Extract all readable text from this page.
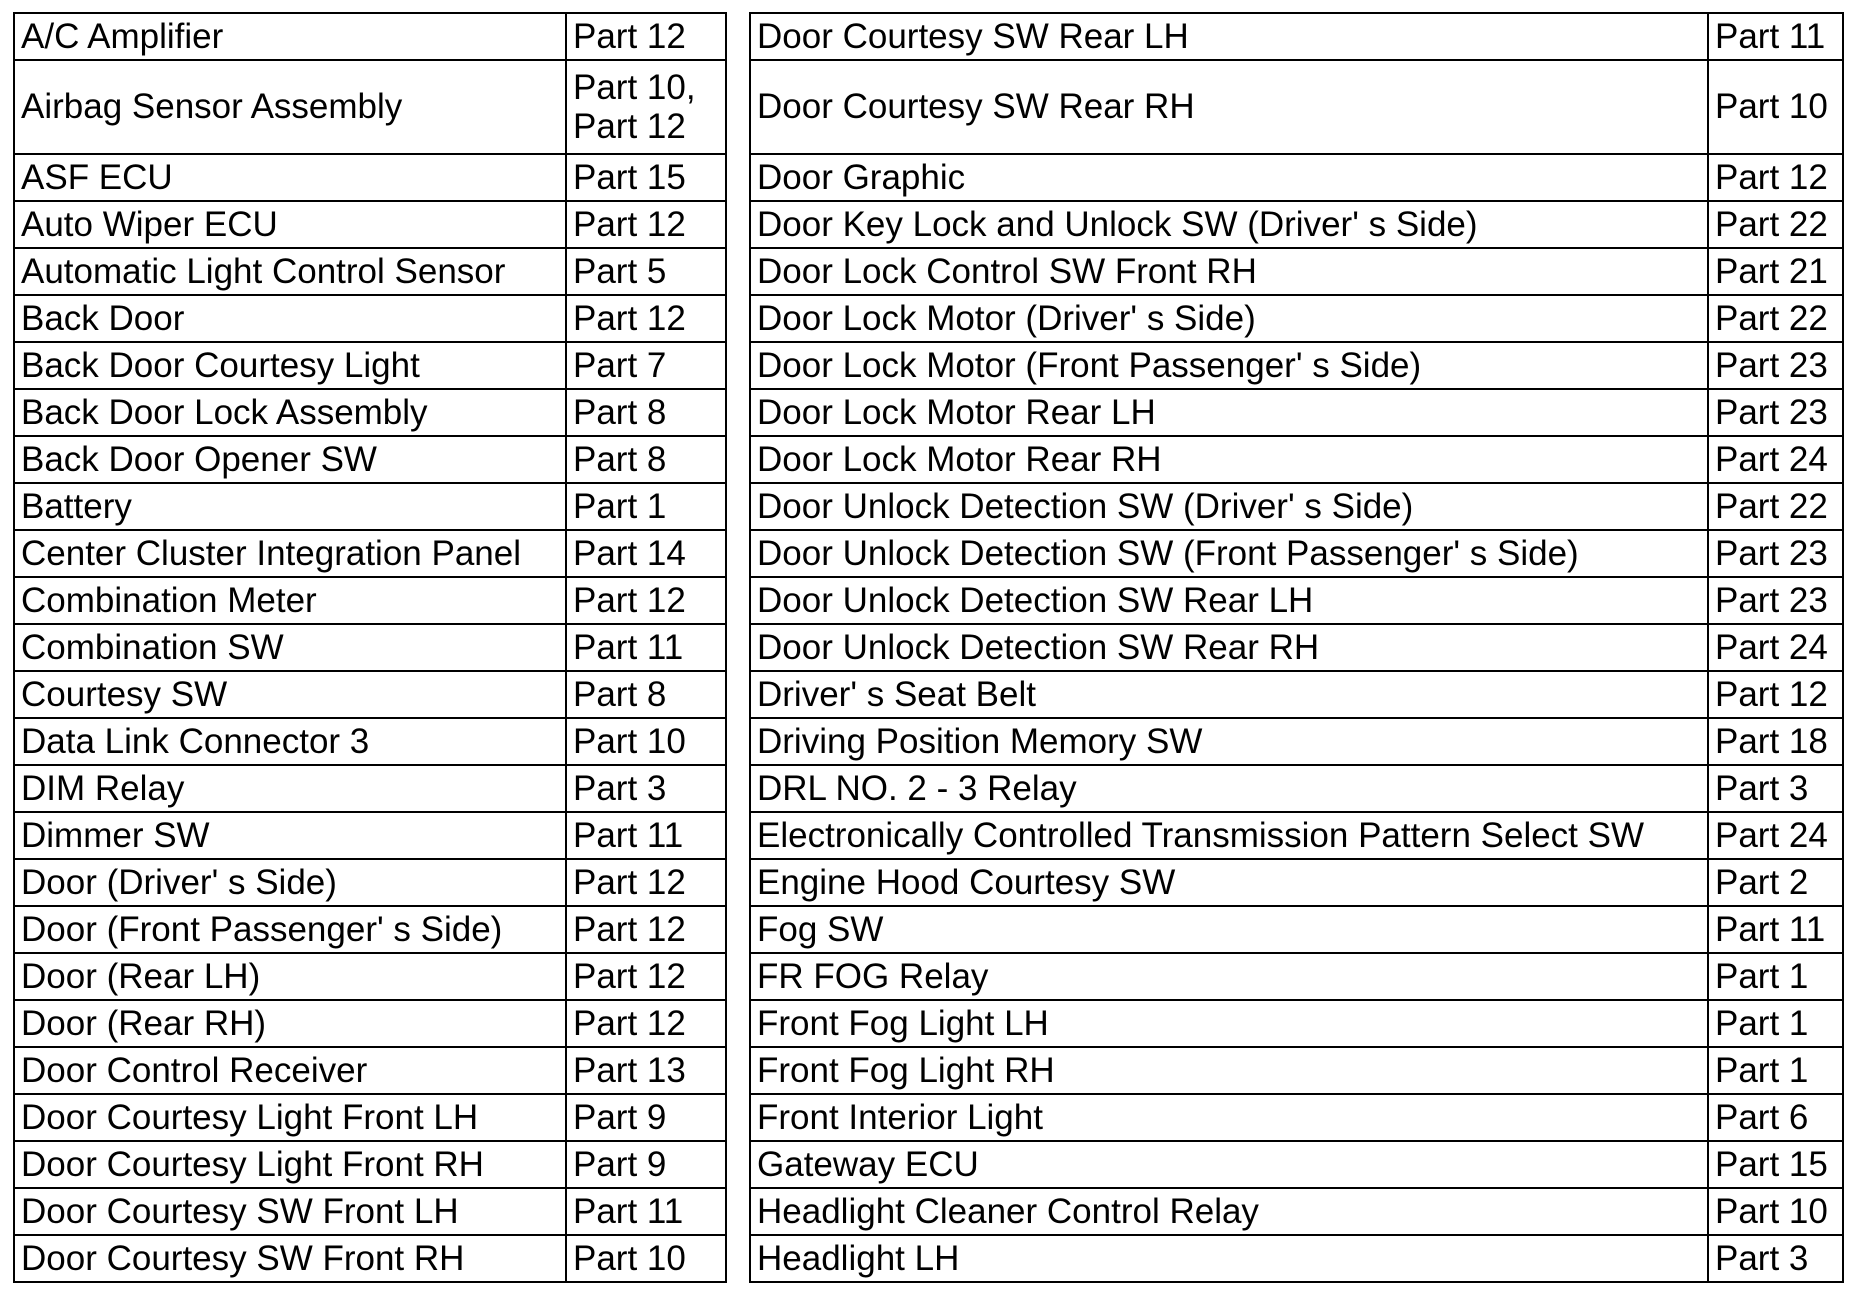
A/C Amplifier	Part 12
Airbag Sensor Assembly	Part 10,
Part 12
ASF ECU	Part 15
Auto Wiper ECU	Part 12
Automatic Light Control Sensor	Part 5
Back Door	Part 12
Back Door Courtesy Light	Part 7
Back Door Lock Assembly	Part 8
Back Door Opener SW	Part 8
Battery	Part 1
Center Cluster Integration Panel	Part 14
Combination Meter	Part 12
Combination SW	Part 11
Courtesy SW	Part 8
Data Link Connector 3	Part 10
DIM Relay	Part 3
Dimmer SW	Part 11
Door (Driver' s Side)	Part 12
Door (Front Passenger' s Side)	Part 12
Door (Rear LH)	Part 12
Door (Rear RH)	Part 12
Door Control Receiver	Part 13
Door Courtesy Light Front LH	Part 9
Door Courtesy Light Front RH	Part 9
Door Courtesy SW Front LH	Part 11
Door Courtesy SW Front RH	Part 10
Door Courtesy SW Rear LH	Part 11
Door Courtesy SW Rear RH	Part 10
Door Graphic	Part 12
Door Key Lock and Unlock SW (Driver' s Side)	Part 22
Door Lock Control SW Front RH	Part 21
Door Lock Motor (Driver' s Side)	Part 22
Door Lock Motor (Front Passenger' s Side)	Part 23
Door Lock Motor Rear LH	Part 23
Door Lock Motor Rear RH	Part 24
Door Unlock Detection SW (Driver' s Side)	Part 22
Door Unlock Detection SW (Front Passenger' s Side)	Part 23
Door Unlock Detection SW Rear LH	Part 23
Door Unlock Detection SW Rear RH	Part 24
Driver' s Seat Belt	Part 12
Driving Position Memory SW	Part 18
DRL NO. 2 - 3 Relay	Part 3
Electronically Controlled Transmission Pattern Select SW	Part 24
Engine Hood Courtesy SW	Part 2
Fog SW	Part 11
FR FOG Relay	Part 1
Front Fog Light LH	Part 1
Front Fog Light RH	Part 1
Front Interior Light	Part 6
Gateway ECU	Part 15
Headlight Cleaner Control Relay	Part 10
Headlight LH	Part 3
